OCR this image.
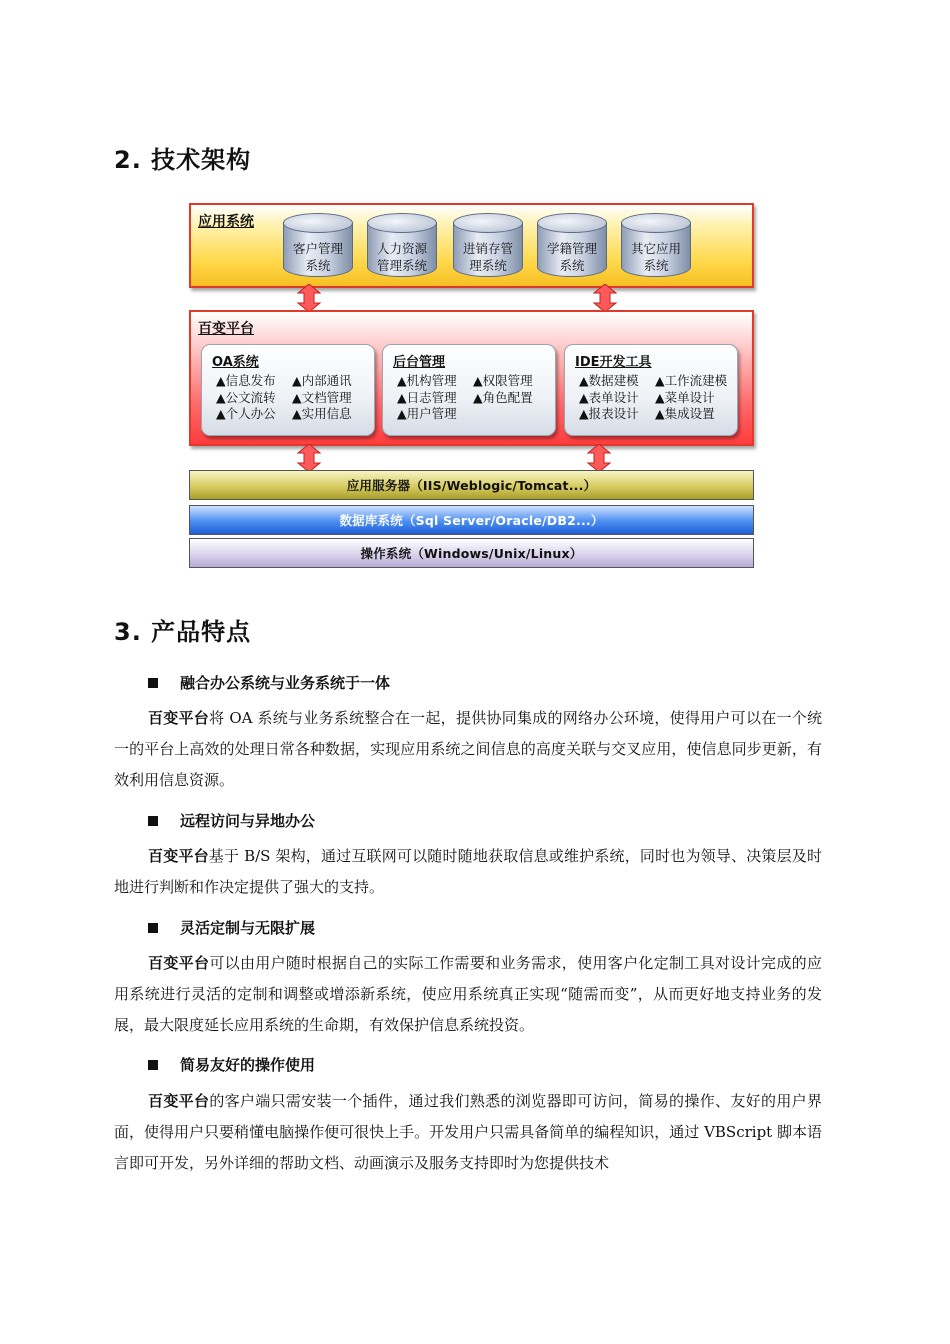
2. 技术架构
应用系统
客户管理
系统
人力资源
管理系统
进销存管
理系统
学籍管理
系统
其它应用
系统
百变平台
OA系统
▲信息发布	▲内部通讯
▲公文流转	▲文档管理
▲个人办公	▲实用信息
后台管理
▲机构管理	▲权限管理
▲日志管理	▲角色配置
▲用户管理
IDE开发工具
▲数据建模	▲工作流建模
▲表单设计	▲菜单设计
▲报表设计	▲集成设置
应用服务器（IIS/Weblogic/Tomcat...）
数据库系统（Sql Server/Oracle/DB2...）
操作系统（Windows/Unix/Linux）
3. 产品特点
融合办公系统与业务系统于一体

百变平台将 OA 系统与业务系统整合在一起，提供协同集成的网络办公环境，使得用户可以在一个统一的平台上高效的处理日常各种数据，实现应用系统之间信息的高度关联与交叉应用，使信息同步更新，有效利用信息资源。

远程访问与异地办公

百变平台基于 B/S 架构，通过互联网可以随时随地获取信息或维护系统，同时也为领导、决策层及时地进行判断和作决定提供了强大的支持。

灵活定制与无限扩展

百变平台可以由用户随时根据自己的实际工作需要和业务需求，使用客户化定制工具对设计完成的应用系统进行灵活的定制和调整或增添新系统，使应用系统真正实现“随需而变”，从而更好地支持业务的发展，最大限度延长应用系统的生命期，有效保护信息系统投资。

简易友好的操作使用

百变平台的客户端只需安装一个插件，通过我们熟悉的浏览器即可访问，简易的操作、友好的用户界面，使得用户只要稍懂电脑操作便可很快上手。开发用户只需具备简单的编程知识，通过 VBScript 脚本语言即可开发，另外详细的帮助文档、动画演示及服务支持即时为您提供技术
